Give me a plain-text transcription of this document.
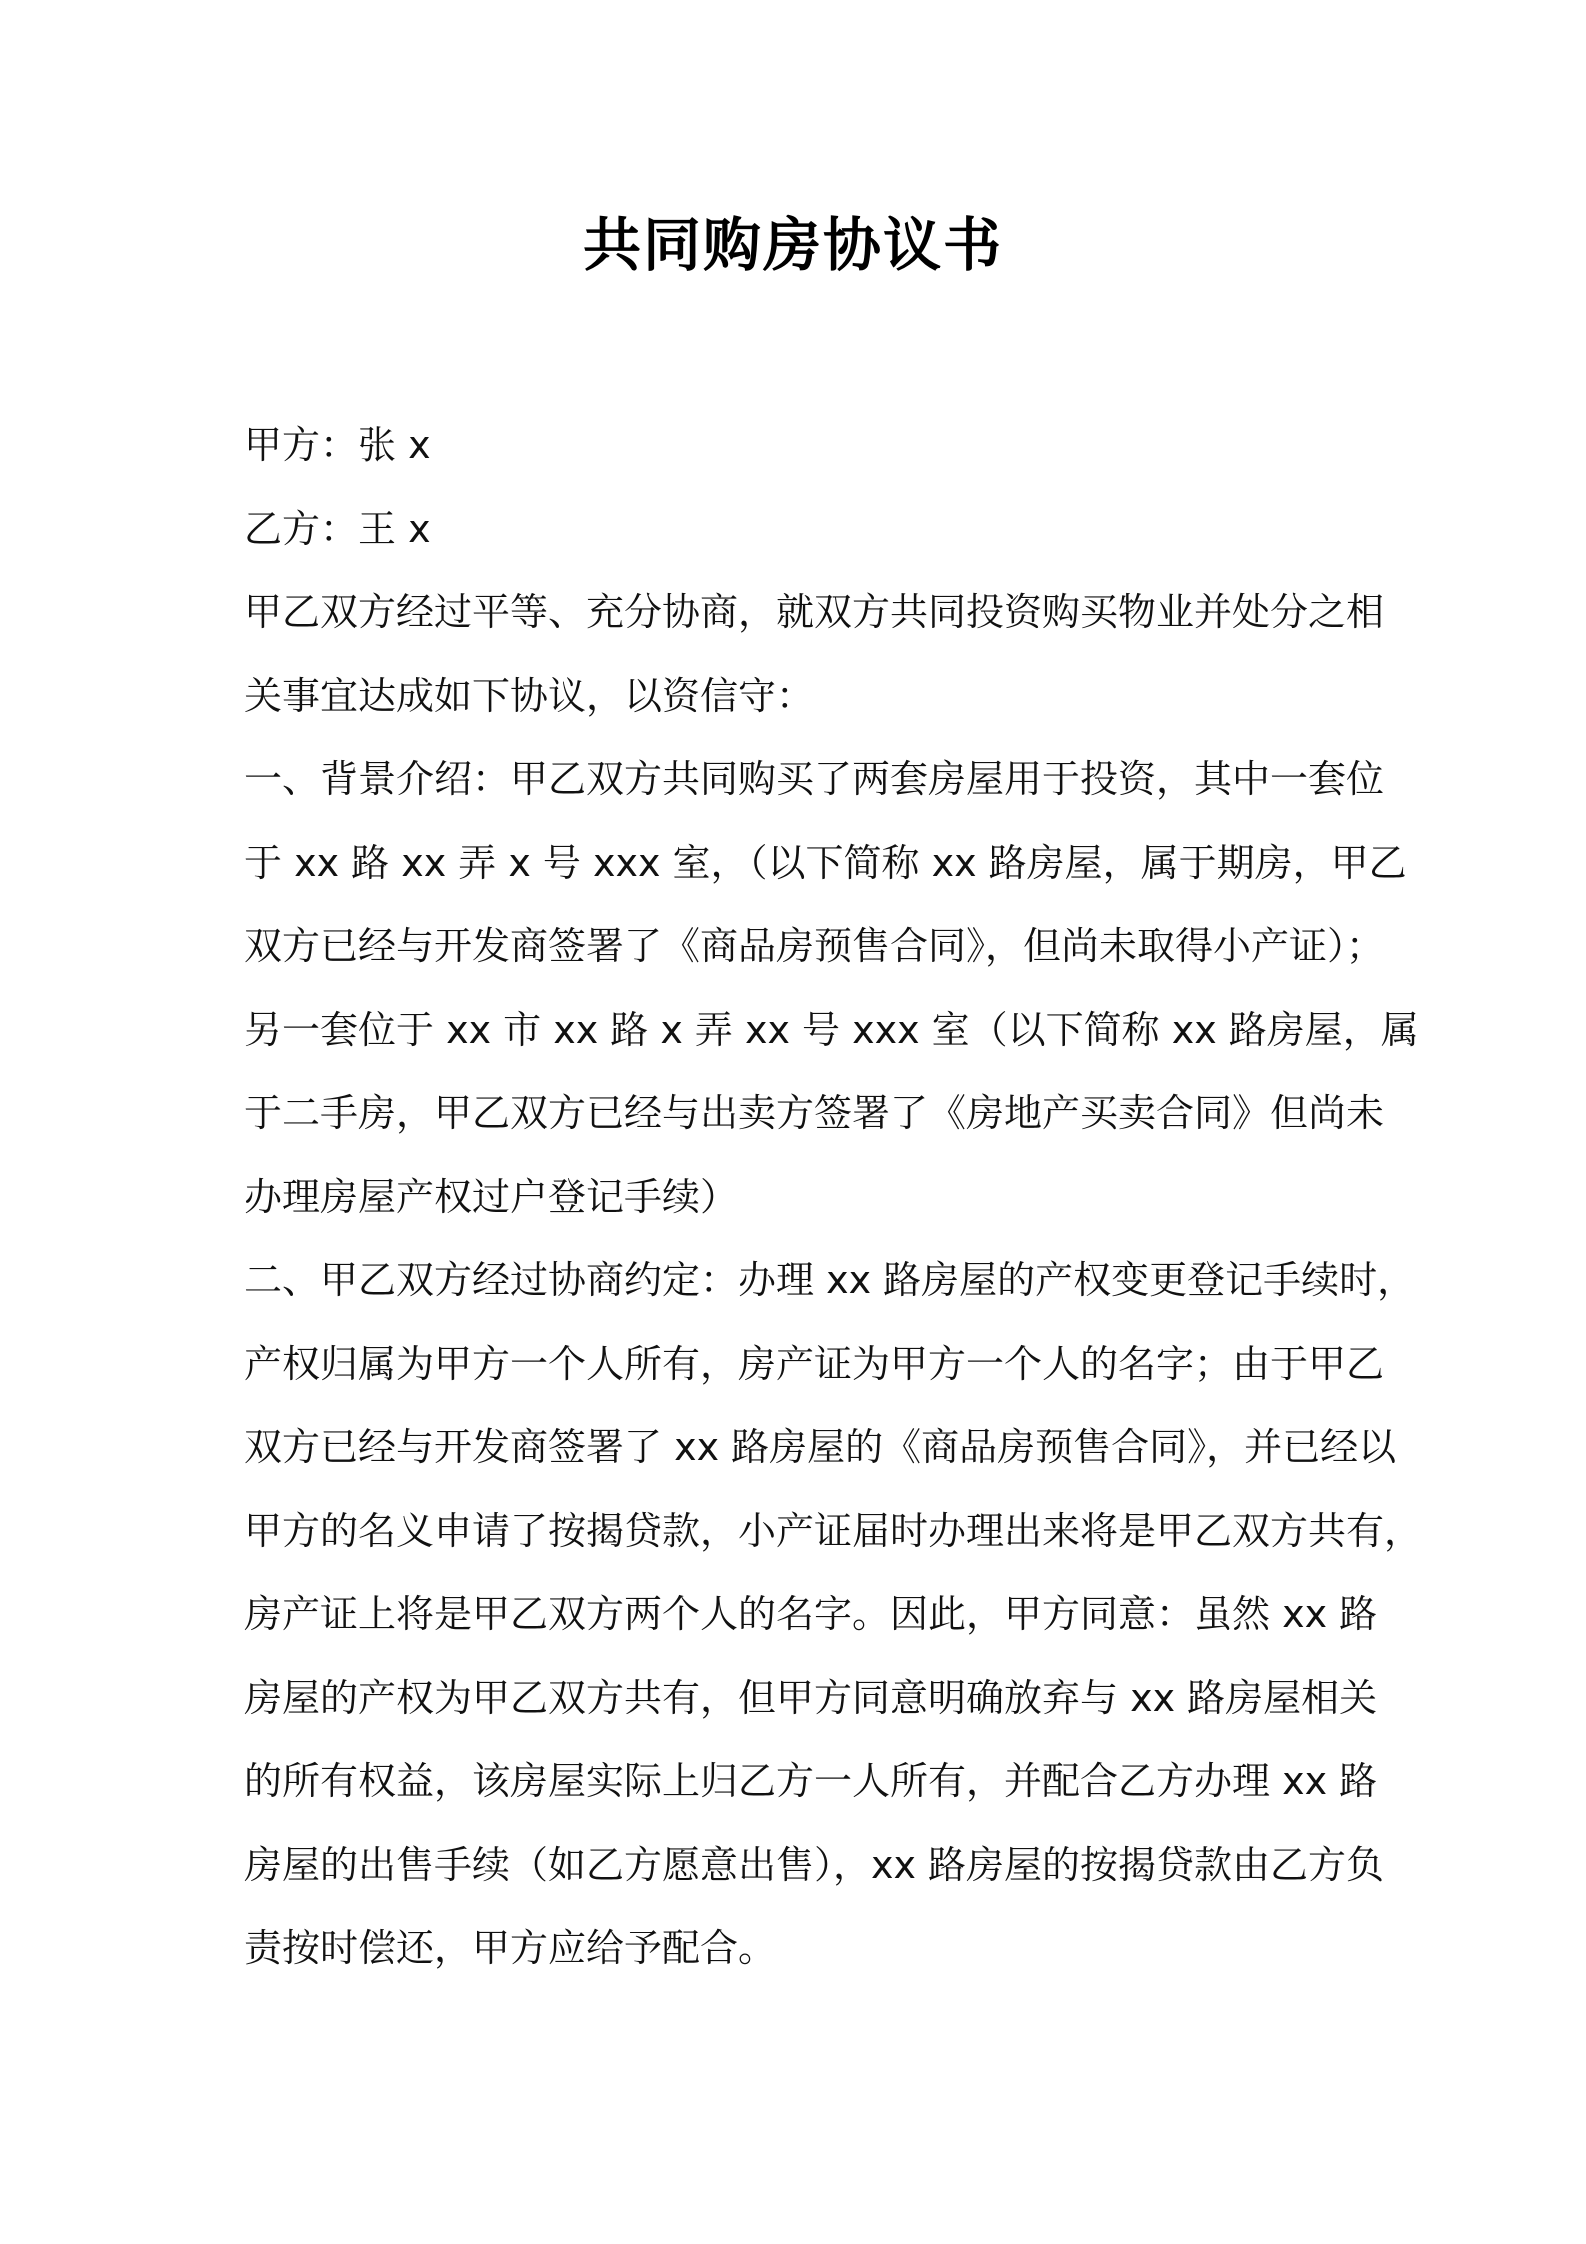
共同购房协议书
甲方：张 x
乙方：王 x
甲乙双方经过平等、充分协商，就双方共同投资购买物业并处分之相
关事宜达成如下协议，以资信守：
一、背景介绍：甲乙双方共同购买了两套房屋用于投资，其中一套位
于 xx 路 xx 弄 x 号 xxx 室，（以下简称 xx 路房屋，属于期房，甲乙
双方已经与开发商签署了《商品房预售合同》，但尚未取得小产证）；
另一套位于 xx 市 xx 路 x 弄 xx 号 xxx 室（以下简称 xx 路房屋，属
于二手房，甲乙双方已经与出卖方签署了《房地产买卖合同》但尚未
办理房屋产权过户登记手续）
二、甲乙双方经过协商约定：办理 xx 路房屋的产权变更登记手续时，
产权归属为甲方一个人所有，房产证为甲方一个人的名字；由于甲乙
双方已经与开发商签署了 xx 路房屋的《商品房预售合同》，并已经以
甲方的名义申请了按揭贷款，小产证届时办理出来将是甲乙双方共有，
房产证上将是甲乙双方两个人的名字。因此，甲方同意：虽然 xx 路
房屋的产权为甲乙双方共有，但甲方同意明确放弃与 xx 路房屋相关
的所有权益，该房屋实际上归乙方一人所有，并配合乙方办理 xx 路
房屋的出售手续（如乙方愿意出售），xx 路房屋的按揭贷款由乙方负
责按时偿还，甲方应给予配合。
